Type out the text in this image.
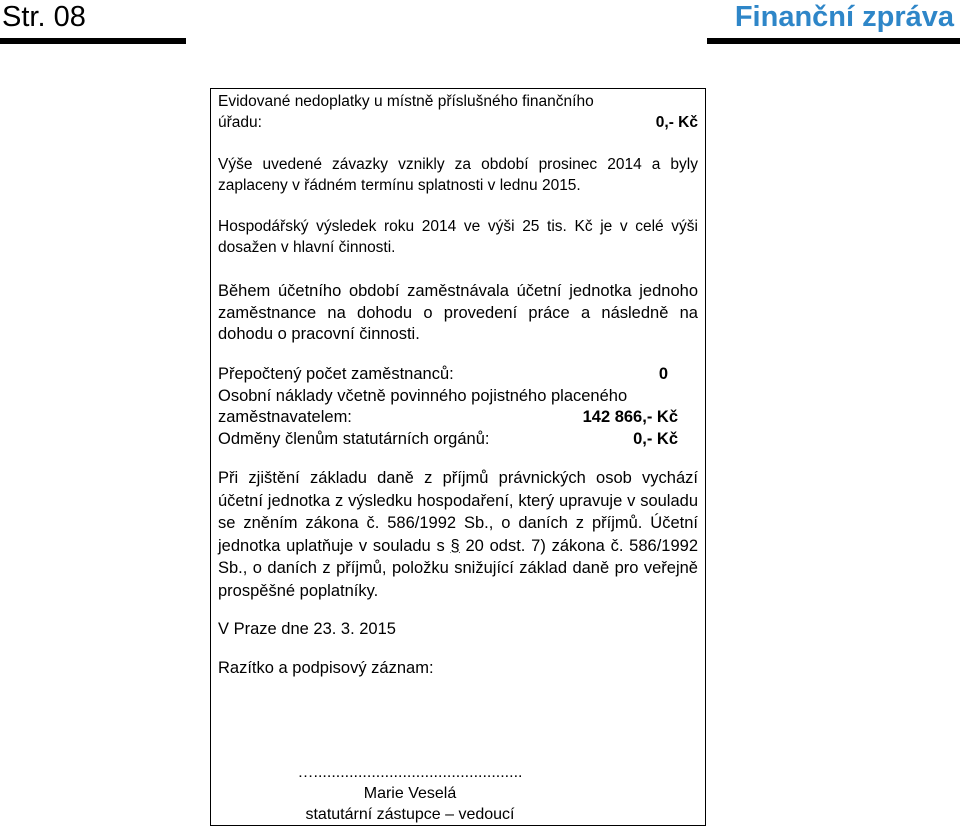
Str. 08	Finanční zpráva
Evidované nedoplatky u místně příslušného finančního
úřadu:	0,- Kč
Výše uvedené závazky vznikly za období prosinec 2014 a byly zaplaceny v řádném termínu splatnosti v lednu 2015.
Hospodářský výsledek roku 2014 ve výši 25 tis. Kč je v celé výši dosažen v hlavní činnosti.
Během účetního období zaměstnávala účetní jednotka jednoho zaměstnance na dohodu o provedení práce a následně na dohodu o pracovní činnosti.
Přepočtený počet zaměstnanců:	0
Osobní náklady včetně povinného pojistného placeného
zaměstnavatelem:	142 866,- Kč
Odměny členům statutárních orgánů:	0,- Kč
Při zjištění základu daně z příjmů právnických osob vychází účetní jednotka z výsledku hospodaření, který upravuje v souladu se zněním zákona č. 586/1992 Sb., o daních z příjmů. Účetní jednotka uplatňuje v souladu s § 20 odst. 7) zákona č. 586/1992 Sb., o daních z příjmů, položku snižující základ daně pro veřejně prospěšné poplatníky.
V Praze dne 23. 3. 2015
Razítko a podpisový záznam:
…...............................................
Marie Veselá
statutární zástupce – vedoucí
